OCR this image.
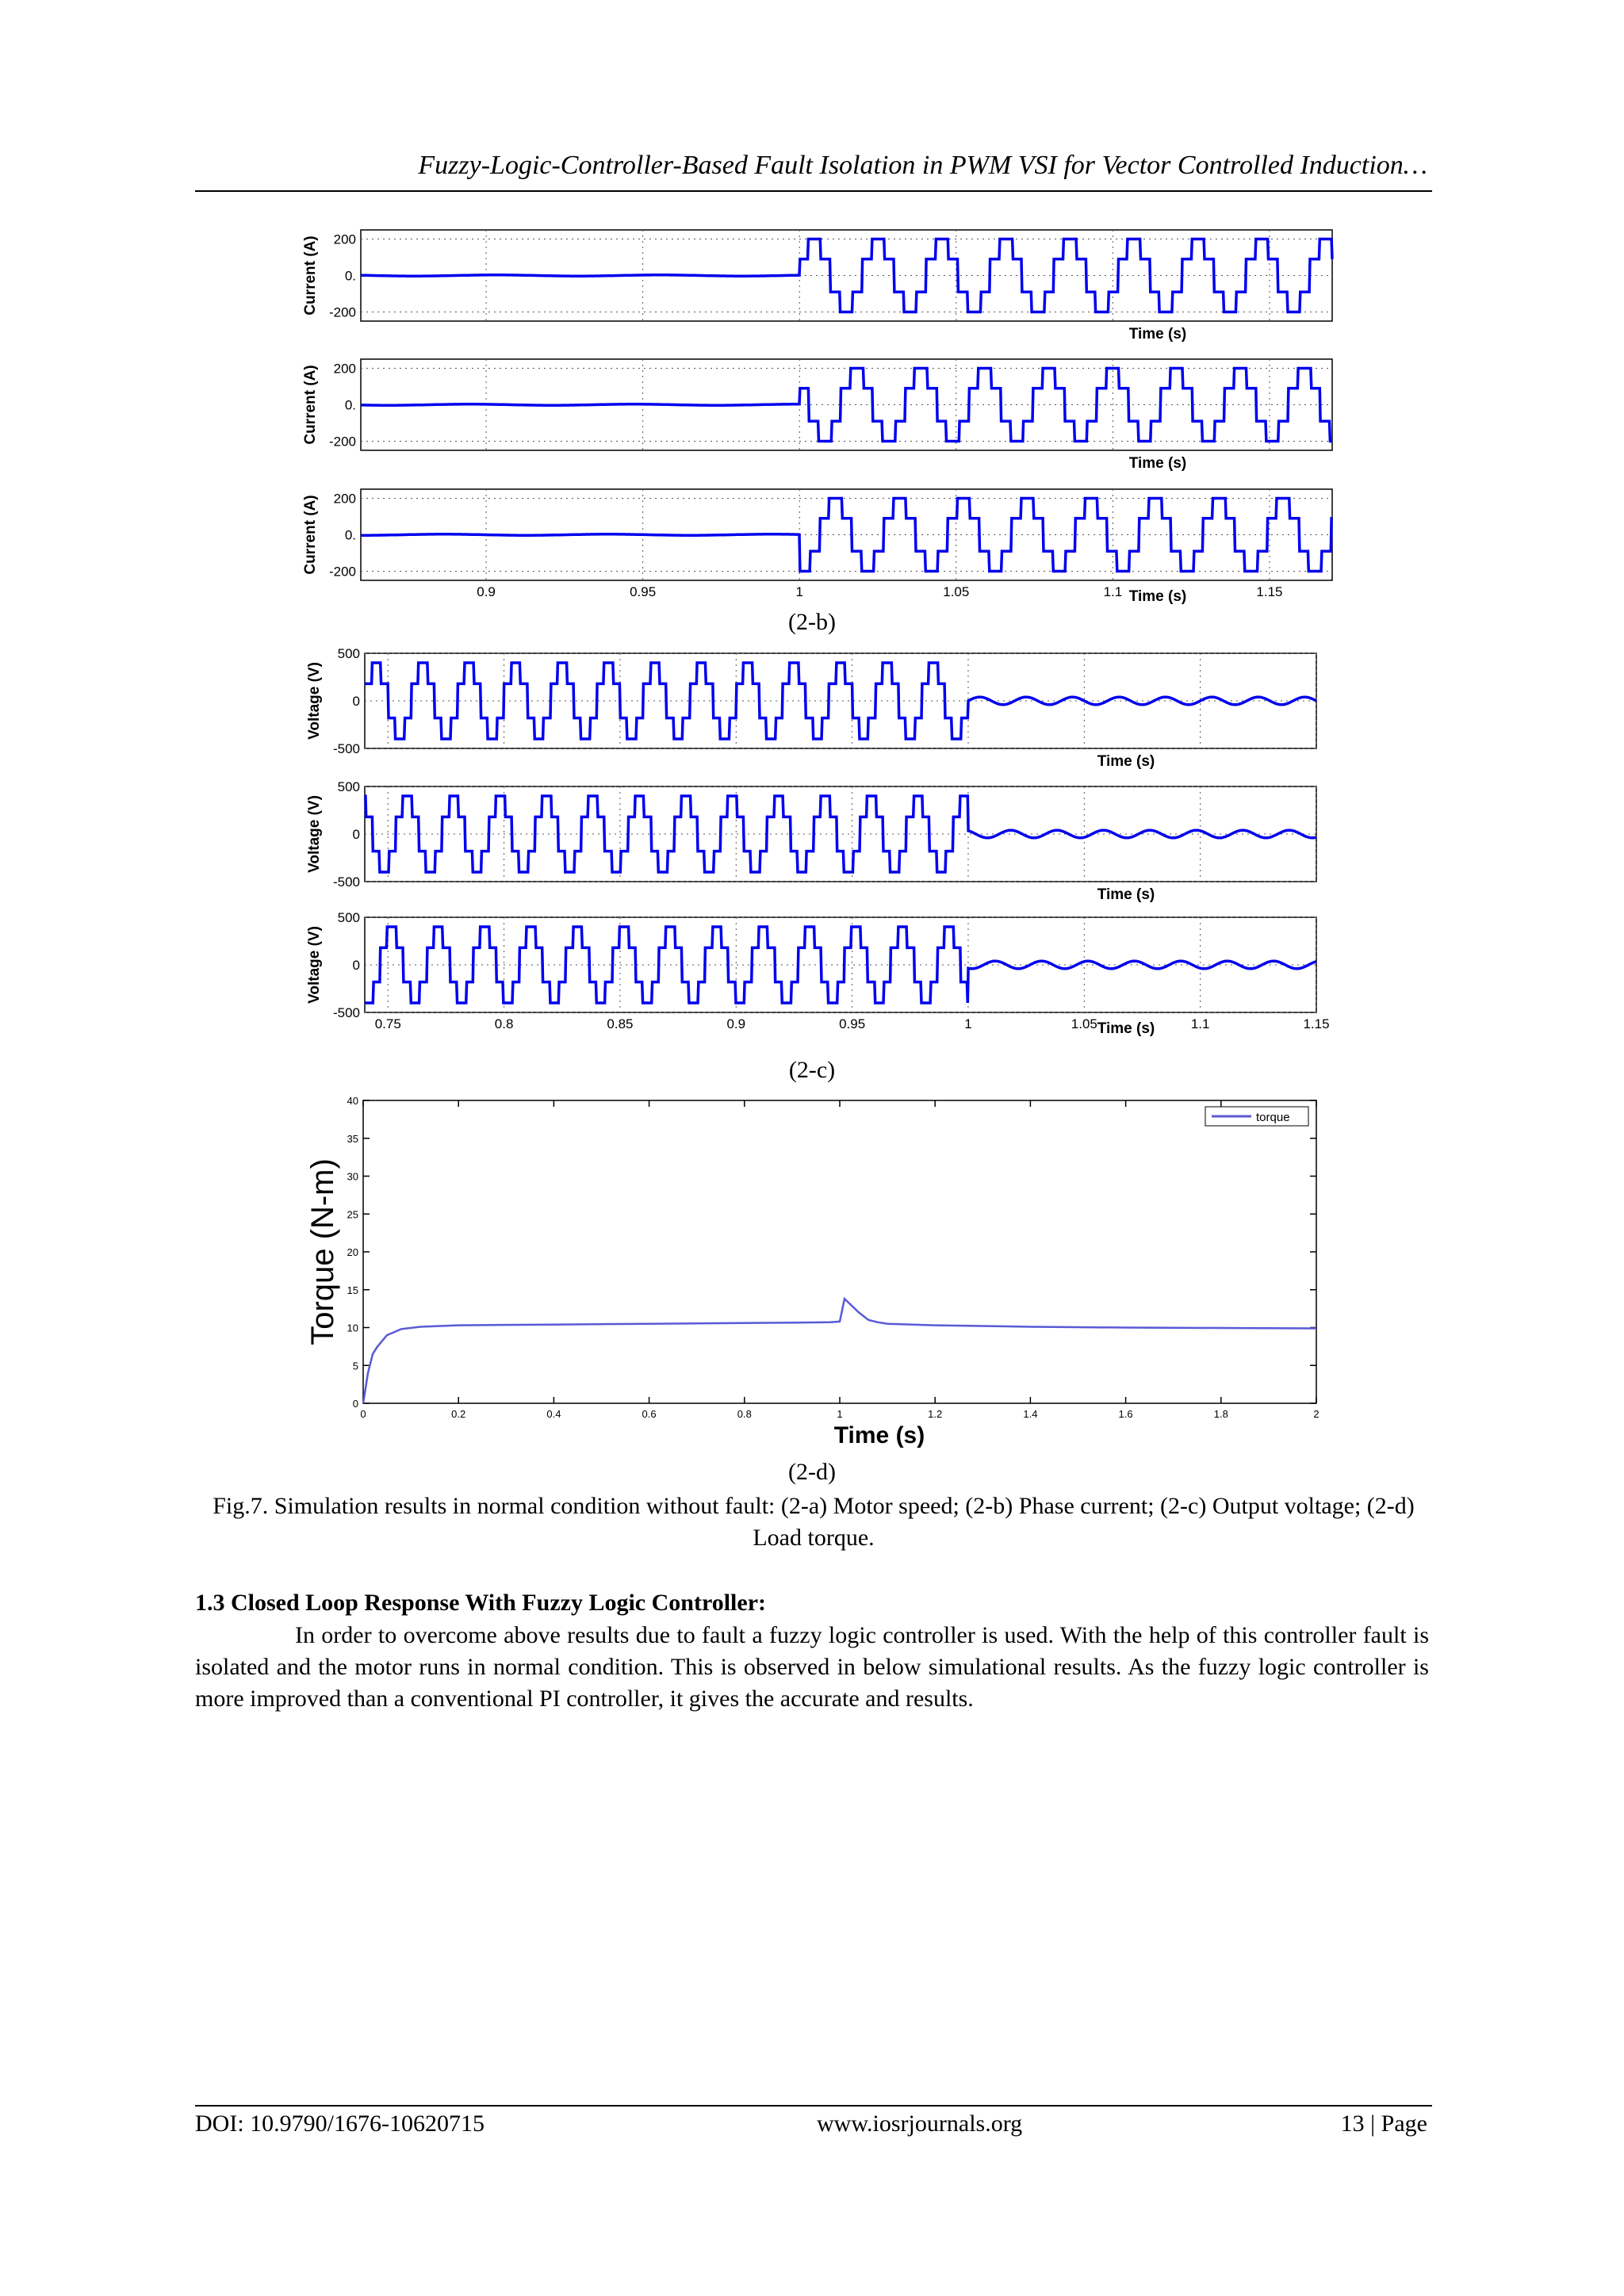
Fuzzy-Logic-Controller-Based Fault Isolation in PWM VSI for Vector Controlled Induction…
200
0.
-200
Current (A)
Time (s)
200
0.
-200
Current (A)
Time (s)
0.9	0.95	1	1.05	1.1	1.15
200
0.
-200
Current (A)
Time (s)
(2-b)
500
0
-500
Voltage (V)
Time (s)
500
0
-500
Voltage (V)
Time (s)
0.75	0.8	0.85	0.9	0.95	1	1.05	1.1	1.15
500
0
-500
Voltage (V)
Time (s)
(2-c)
0	0.2	0.4	0.6	0.8	1	1.2	1.4	1.6	1.8	2
0
5
10
15
20
25
30
35
40
Torque (N-m)
Time (s)
torque
(2-d)
Fig.7. Simulation results in normal condition without fault: (2-a) Motor speed; (2-b) Phase current; (2-c) Output voltage; (2-d) Load torque.
1.3 Closed Loop Response With Fuzzy Logic Controller:
In order to overcome above results due to fault a fuzzy logic controller is used. With the help of this controller fault is isolated and the motor runs in normal condition. This is observed in below simulational results. As the fuzzy logic controller is more improved than a conventional PI controller, it gives the accurate and results.
DOI: 10.9790/1676-10620715	www.iosrjournals.org	13 | Page
